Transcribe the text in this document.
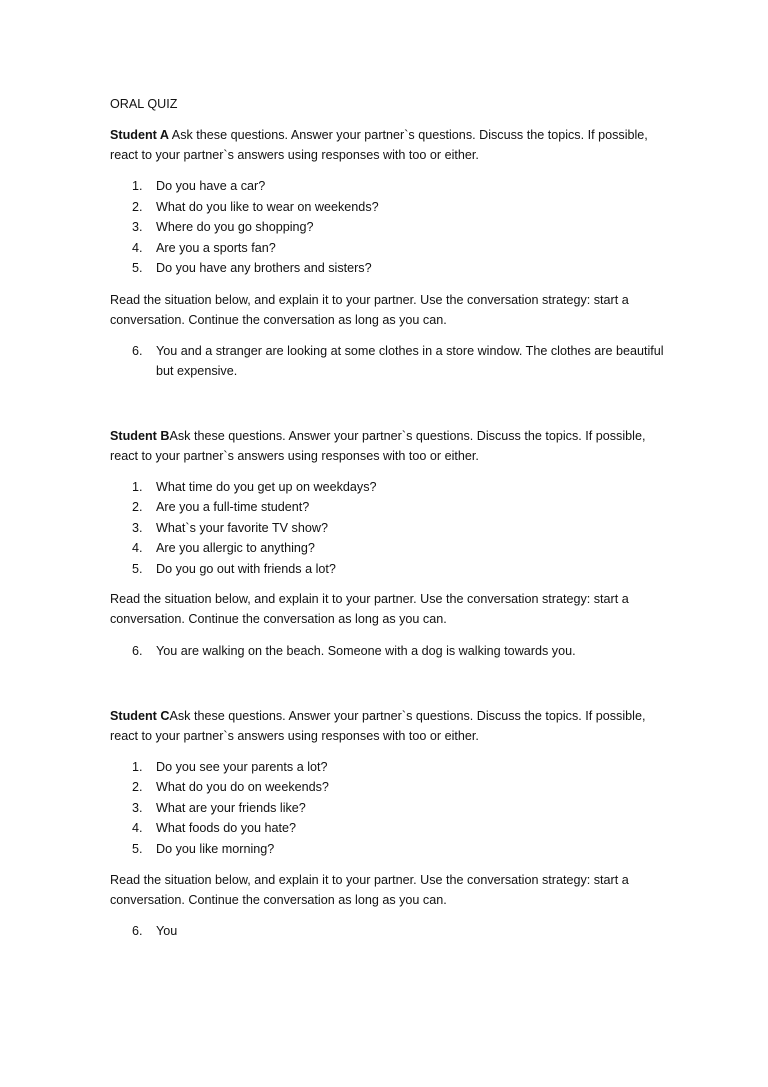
ORAL QUIZ

Student A Ask these questions. Answer your partner`s questions. Discuss the topics. If possible, react to your partner`s answers using responses with too or either.

1. Do you have a car?
2. What do you like to wear on weekends?
3. Where do you go shopping?
4. Are you a sports fan?
5. Do you have any brothers and sisters?

Read the situation below, and explain it to your partner. Use the conversation strategy: start a conversation. Continue the conversation as long as you can.

6. You and a stranger are looking at some clothes in a store window. The clothes are beautiful but expensive.

Student BAsk these questions. Answer your partner`s questions. Discuss the topics. If possible, react to your partner`s answers using responses with too or either.

1. What time do you get up on weekdays?
2. Are you a full-time student?
3. What`s your favorite TV show?
4. Are you allergic to anything?
5. Do you go out with friends a lot?

Read the situation below, and explain it to your partner. Use the conversation strategy: start a conversation. Continue the conversation as long as you can.

6. You are walking on the beach. Someone with a dog is walking towards you.

Student CAsk these questions. Answer your partner`s questions. Discuss the topics. If possible, react to your partner`s answers using responses with too or either.

1. Do you see your parents a lot?
2. What do you do on weekends?
3. What are your friends like?
4. What foods do you hate?
5. Do you like morning?

Read the situation below, and explain it to your partner. Use the conversation strategy: start a conversation. Continue the conversation as long as you can.

6. You
